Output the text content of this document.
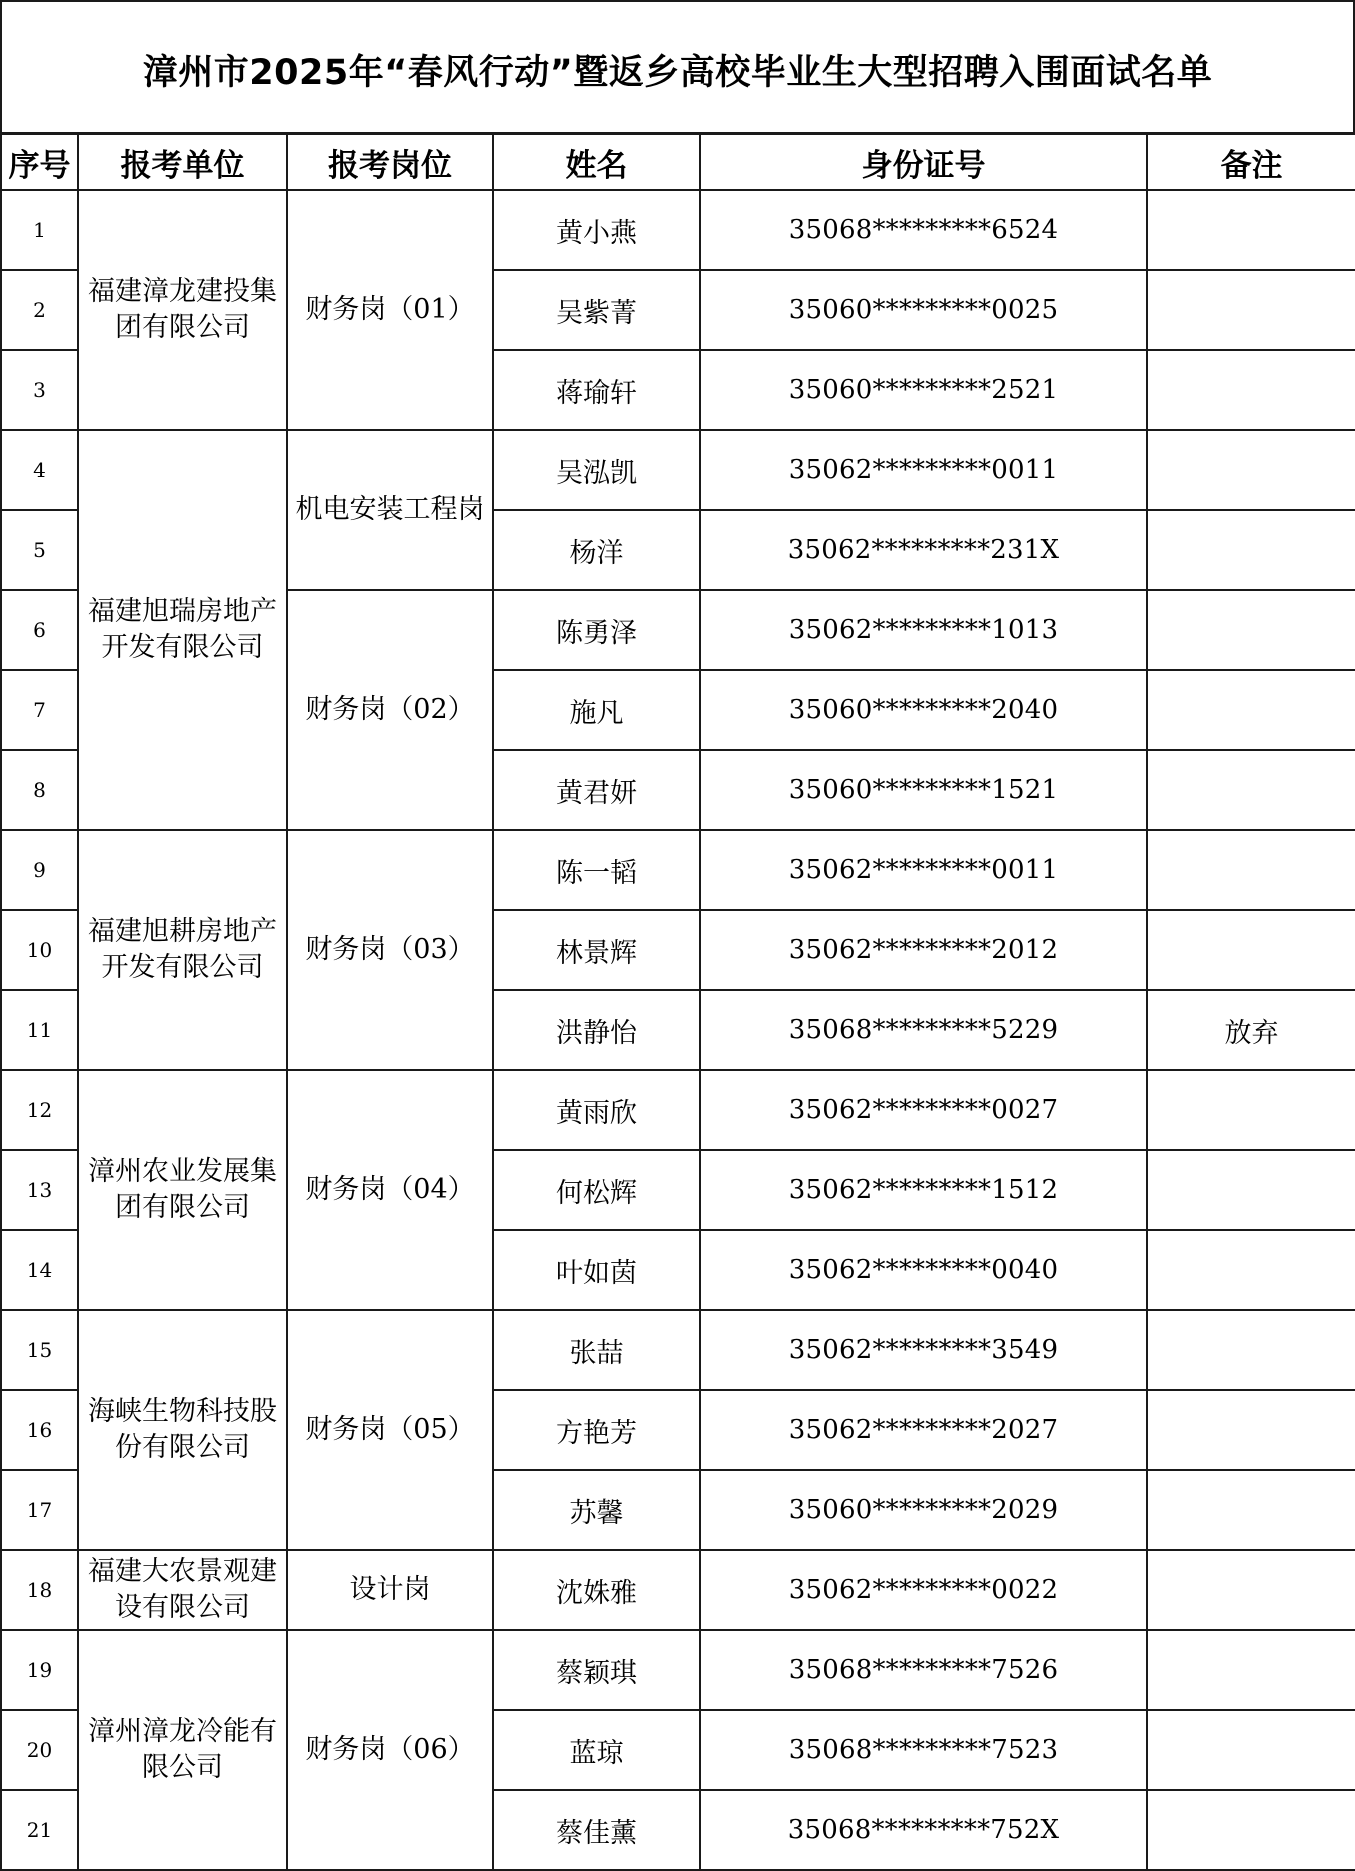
漳州市2025年“春风行动”暨返乡高校毕业生大型招聘入围面试名单
序号	报考单位	报考岗位	姓名	身份证号	备注
1	福建漳龙建投集团有限公司	财务岗（01）	黄小燕	35068*********6524	
2			吴紫菁	35060*********0025	
3			蒋瑜轩	35060*********2521	
4	福建旭瑞房地产开发有限公司	机电安装工程岗	吴泓凯	35062*********0011	
5			杨洋	35062*********231X	
6		财务岗（02）	陈勇泽	35062*********1013	
7			施凡	35060*********2040	
8			黄君妍	35060*********1521	
9	福建旭耕房地产开发有限公司	财务岗（03）	陈一韬	35062*********0011	
10			林景辉	35062*********2012	
11			洪静怡	35068*********5229	放弃
12	漳州农业发展集团有限公司	财务岗（04）	黄雨欣	35062*********0027	
13			何松辉	35062*********1512	
14			叶如茵	35062*********0040	
15	海峡生物科技股份有限公司	财务岗（05）	张喆	35062*********3549	
16			方艳芳	35062*********2027	
17			苏馨	35060*********2029	
18	福建大农景观建设有限公司	设计岗	沈姝雅	35062*********0022	
19	漳州漳龙冷能有限公司	财务岗（06）	蔡颖琪	35068*********7526	
20			蓝琼	35068*********7523	
21			蔡佳薰	35068*********752X	
